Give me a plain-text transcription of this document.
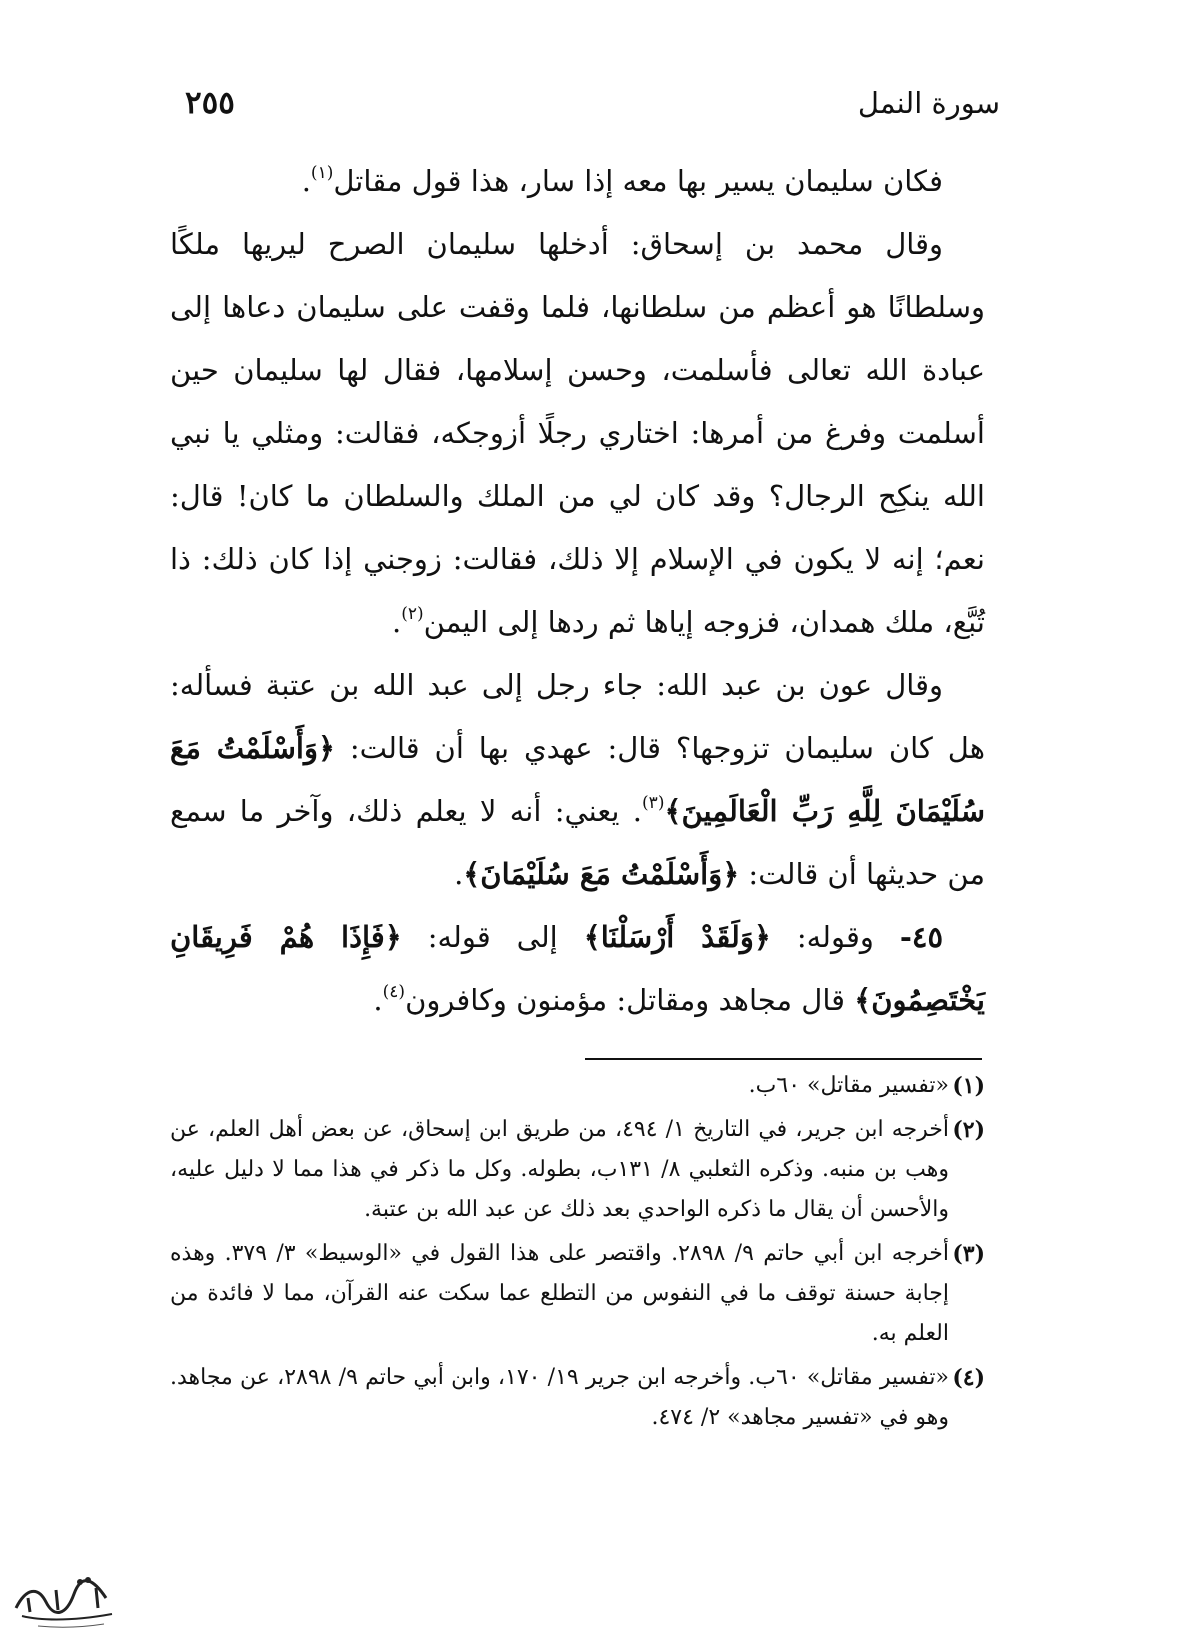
سورة النمل
٢٥٥

فكان سليمان يسير بها معه إذا سار، هذا قول مقاتل$^{(١)}$.

وقال محمد بن إسحاق: أدخلها سليمان الصرح ليريها ملكًا وسلطانًا هو أعظم من سلطانها، فلما وقفت على سليمان دعاها إلى عبادة الله تعالى فأسلمت، وحسن إسلامها، فقال لها سليمان حين أسلمت وفرغ من أمرها: اختاري رجلًا أزوجكه، فقالت: ومثلي يا نبي الله ينكِح الرجال؟ وقد كان لي من الملك والسلطان ما كان! قال: نعم؛ إنه لا يكون في الإسلام إلا ذلك، فقالت: زوجني إذا كان ذلك: ذا تُبَّع، ملك همدان، فزوجه إياها ثم ردها إلى اليمن$^{(٢)}$.

وقال عون بن عبد الله: جاء رجل إلى عبد الله بن عتبة فسأله: هل كان سليمان تزوجها؟ قال: عهدي بها أن قالت: ﴿وَأَسْلَمْتُ مَعَ سُلَيْمَانَ لِلَّهِ رَبِّ الْعَالَمِينَ﴾$^{(٣)}$. يعني: أنه لا يعلم ذلك، وآخر ما سمع من حديثها أن قالت: ﴿وَأَسْلَمْتُ مَعَ سُلَيْمَانَ﴾.

٤٥- وقوله: ﴿وَلَقَدْ أَرْسَلْنَا﴾ إلى قوله: ﴿فَإِذَا هُمْ فَرِيقَانِ يَخْتَصِمُونَ﴾ قال مجاهد ومقاتل: مؤمنون وكافرون$^{(٤)}$.

(١)
«تفسير مقاتل» ٦٠ب.
(٢)
أخرجه ابن جرير، في التاريخ ١/ ٤٩٤، من طريق ابن إسحاق، عن بعض أهل العلم، عن وهب بن منبه. وذكره الثعلبي ٨/ ١٣١ب، بطوله. وكل ما ذكر في هذا مما لا دليل عليه، والأحسن أن يقال ما ذكره الواحدي بعد ذلك عن عبد الله بن عتبة.
(٣)
أخرجه ابن أبي حاتم ٩/ ٢٨٩٨. واقتصر على هذا القول في «الوسيط» ٣/ ٣٧٩. وهذه إجابة حسنة توقف ما في النفوس من التطلع عما سكت عنه القرآن، مما لا فائدة من العلم به.
(٤)
«تفسير مقاتل» ٦٠ب. وأخرجه ابن جرير ١٩/ ١٧٠، وابن أبي حاتم ٩/ ٢٨٩٨، عن مجاهد. وهو في «تفسير مجاهد» ٢/ ٤٧٤.
